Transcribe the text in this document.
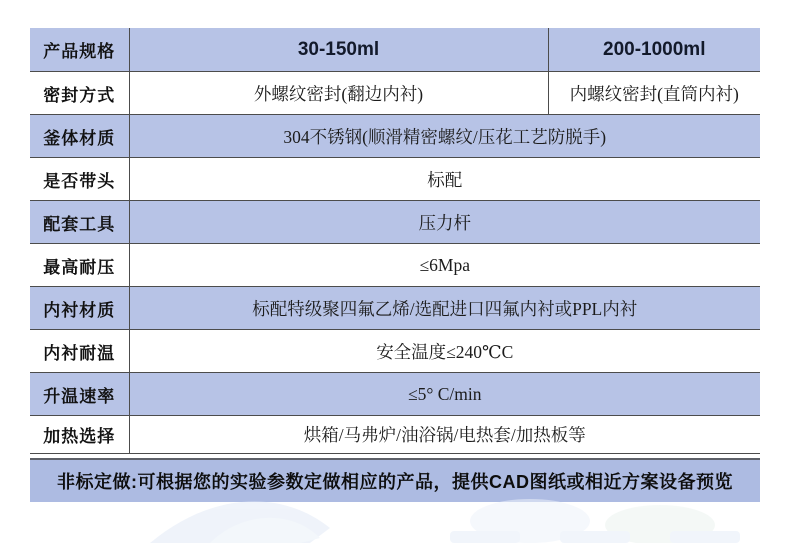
产品规格	30-150ml	200-1000ml
密封方式	外螺纹密封(翻边内衬)	内螺纹密封(直筒内衬)
釜体材质	304不锈钢(顺滑精密螺纹/压花工艺防脱手)	
是否带头	标配	
配套工具	压力杆	
最高耐压	≤6Mpa	
内衬材质	标配特级聚四氟乙烯/选配进口四氟内衬或PPL内衬	
内衬耐温	安全温度≤240℃C	
升温速率	≤5° C/min	
加热选择	烘箱/马弗炉/油浴锅/电热套/加热板等	
非标定做:可根据您的实验参数定做相应的产品，提供CAD图纸或相近方案设备预览
